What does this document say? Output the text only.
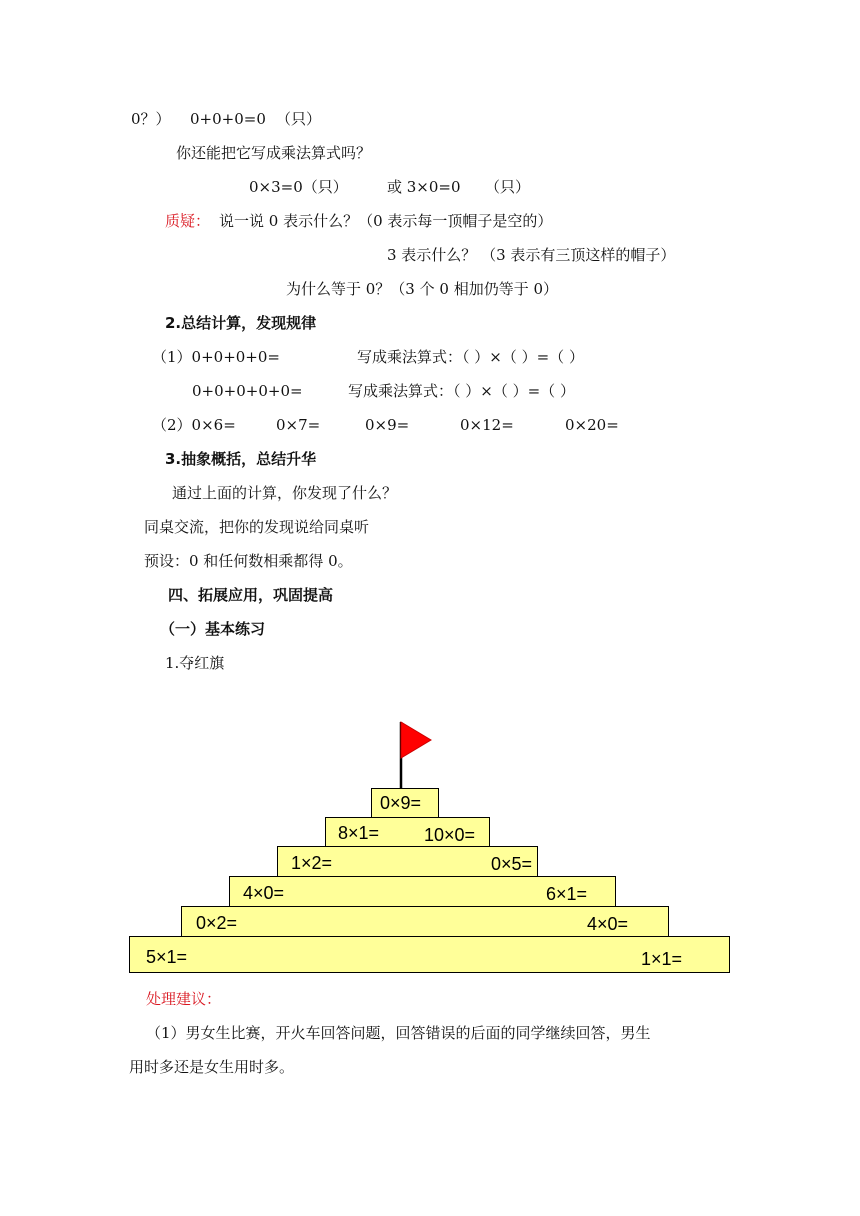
0？） 0+0+0=0 （只）
你还能把它写成乘法算式吗？
0×3=0（只）	或 3×0=0 （只）
质疑： 说一说 0 表示什么？（0 表示每一顶帽子是空的）
3 表示什么？ （3 表示有三顶这样的帽子）
为什么等于 0？（3 个 0 相加仍等于 0）
2.总结计算，发现规律
（1）0+0+0+0=	写成乘法算式：（ ）×（ ）=（ ）
0+0+0+0+0=	写成乘法算式：（ ）×（ ）=（ ）
（2）0×6=	0×7=	0×9=	0×12=	0×20=
3.抽象概括，总结升华
通过上面的计算，你发现了什么？
同桌交流，把你的发现说给同桌听
预设：0 和任何数相乘都得 0。
四、拓展应用，巩固提高
（一）基本练习
1.夺红旗
0×9=
8×1= 10×0=
1×2=	0×5=
4×0=	6×1=
0×2=	4×0=
5×1=	1×1=
处理建议：
（1）男女生比赛，开火车回答问题，回答错误的后面的同学继续回答，男生
用时多还是女生用时多。
